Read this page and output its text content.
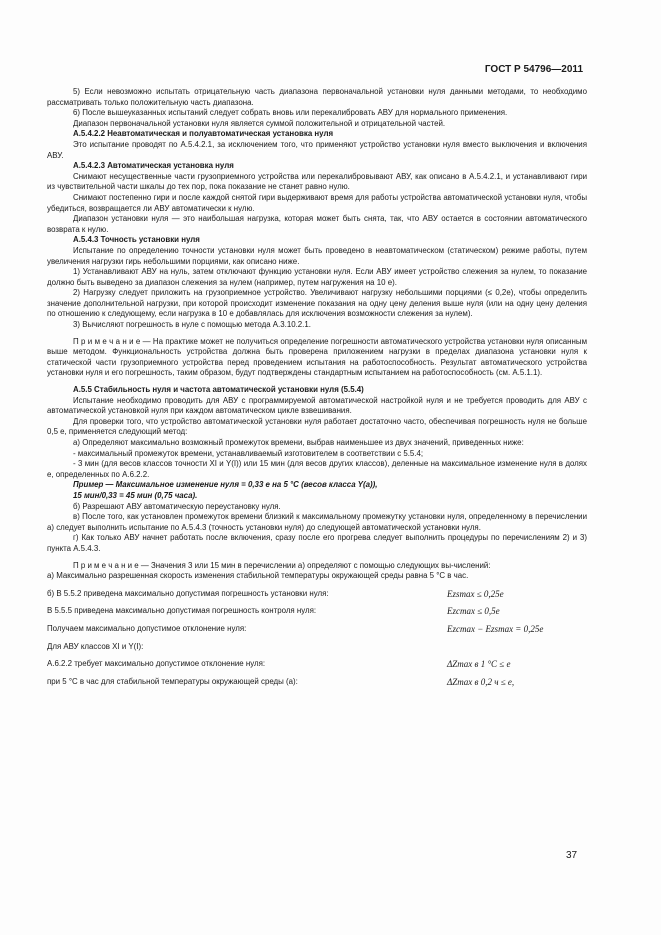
ГОСТ Р 54796—2011

5) Если невозможно испытать отрицательную часть диапазона первоначальной установки нуля данными методами, то необходимо рассматривать только положительную часть диапазона.

6) После вышеуказанных испытаний следует собрать вновь или перекалибровать АВУ для нормального применения.

Диапазон первоначальной установки нуля является суммой положительной и отрицательной частей.

А.5.4.2.2 Неавтоматическая и полуавтоматическая установка нуля

Это испытание проводят по А.5.4.2.1, за исключением того, что применяют устройство установки нуля вместо выключения и включения АВУ.

А.5.4.2.3 Автоматическая установка нуля

Снимают несущественные части грузоприемного устройства или перекалибровывают АВУ, как описано в А.5.4.2.1, и устанавливают гири из чувствительной части шкалы до тех пор, пока показание не станет равно нулю.

Снимают постепенно гири и после каждой снятой гири выдерживают время для работы устройства автоматической установки нуля, чтобы убедиться, возвращается ли АВУ автоматически к нулю.

Диапазон установки нуля — это наибольшая нагрузка, которая может быть снята, так, что АВУ остается в состоянии автоматического возврата к нулю.

А.5.4.3 Точность установки нуля

Испытание по определению точности установки нуля может быть проведено в неавтоматическом (статическом) режиме работы, путем увеличения нагрузки гирь небольшими порциями, как описано ниже.

1) Устанавливают АВУ на нуль, затем отключают функцию установки нуля. Если АВУ имеет устройство слежения за нулем, то показание должно быть выведено за диапазон слежения за нулем (например, путем нагружения на 10 e).

2) Нагрузку следует приложить на грузоприемное устройство. Увеличивают нагрузку небольшими порциями (≤ 0,2e), чтобы определить значение дополнительной нагрузки, при которой происходит изменение показания на одну цену деления выше нуля (или на одну цену деления по отношению к следующему, если нагрузка в 10 e добавлялась для исключения возможности слежения за нулем).

3) Вычисляют погрешность в нуле с помощью метода А.3.10.2.1.

П р и м е ч а н и е — На практике может не получиться определение погрешности автоматического устройства установки нуля описанным выше методом. Функциональность устройства должна быть проверена приложением нагрузки в пределах диапазона установки нуля к статической части грузоприемного устройства перед проведением испытания на работоспособность. Результат автоматического устройства установки нуля и его погрешность, таким образом, будут подтверждены стандартным испытанием на работоспособность (см. А.5.1.1).

А.5.5 Стабильность нуля и частота автоматической установки нуля (5.5.4)

Испытание необходимо проводить для АВУ с программируемой автоматической настройкой нуля и не требуется проводить для АВУ с автоматической установкой нуля при каждом автоматическом цикле взвешивания.

Для проверки того, что устройство автоматической установки нуля работает достаточно часто, обеспечивая погрешность нуля не больше 0,5 e, применяется следующий метод:

а) Определяют максимально возможный промежуток времени, выбрав наименьшее из двух значений, приведенных ниже:

- максимальный промежуток времени, устанавливаемый изготовителем в соответствии с 5.5.4;

- 3 мин (для весов классов точности XI и Y(I)) или 15 мин (для весов других классов), деленные на максимальное изменение нуля в долях e, определенных по А.6.2.2.

Пример — Максимальное изменение нуля = 0,33 e на 5 °С (весов класса Y(a)),

15 мин/0,33 = 45 мин (0,75 часа).

б) Разрешают АВУ автоматическую переустановку нуля.

в) После того, как установлен промежуток времени близкий к максимальному промежутку установки нуля, определенному в перечислении а) следует выполнить испытание по А.5.4.3 (точность установки нуля) до следующей автоматической установки нуля.

г) Как только АВУ начнет работать после включения, сразу после его прогрева следует выполнить процедуры по перечислениям 2) и 3) пункта А.5.4.3.

П р и м е ч а н и е — Значения 3 или 15 мин в перечислении а) определяют с помощью следующих вы-числений:

а) Максимально разрешенная скорость изменения стабильной температуры окружающей среды равна 5 °С в час.

б) В 5.5.2 приведена максимально допустимая погрешность установки нуля:	Ezsmax ≤ 0,25e
В 5.5.5 приведена максимально допустимая погрешность контроля нуля:	Ezcmax ≤ 0,5e
Получаем максимально допустимое отклонение нуля:	Ezcmax − Ezsmax = 0,25e

Для АВУ классов XI и Y(I):

А.6.2.2 требует максимально допустимое отклонение нуля:	ΔZmax в 1 °С ≤ e
при 5 °С в час для стабильной температуры окружающей среды (а):	ΔZmax в 0,2 ч ≤ e,
37
